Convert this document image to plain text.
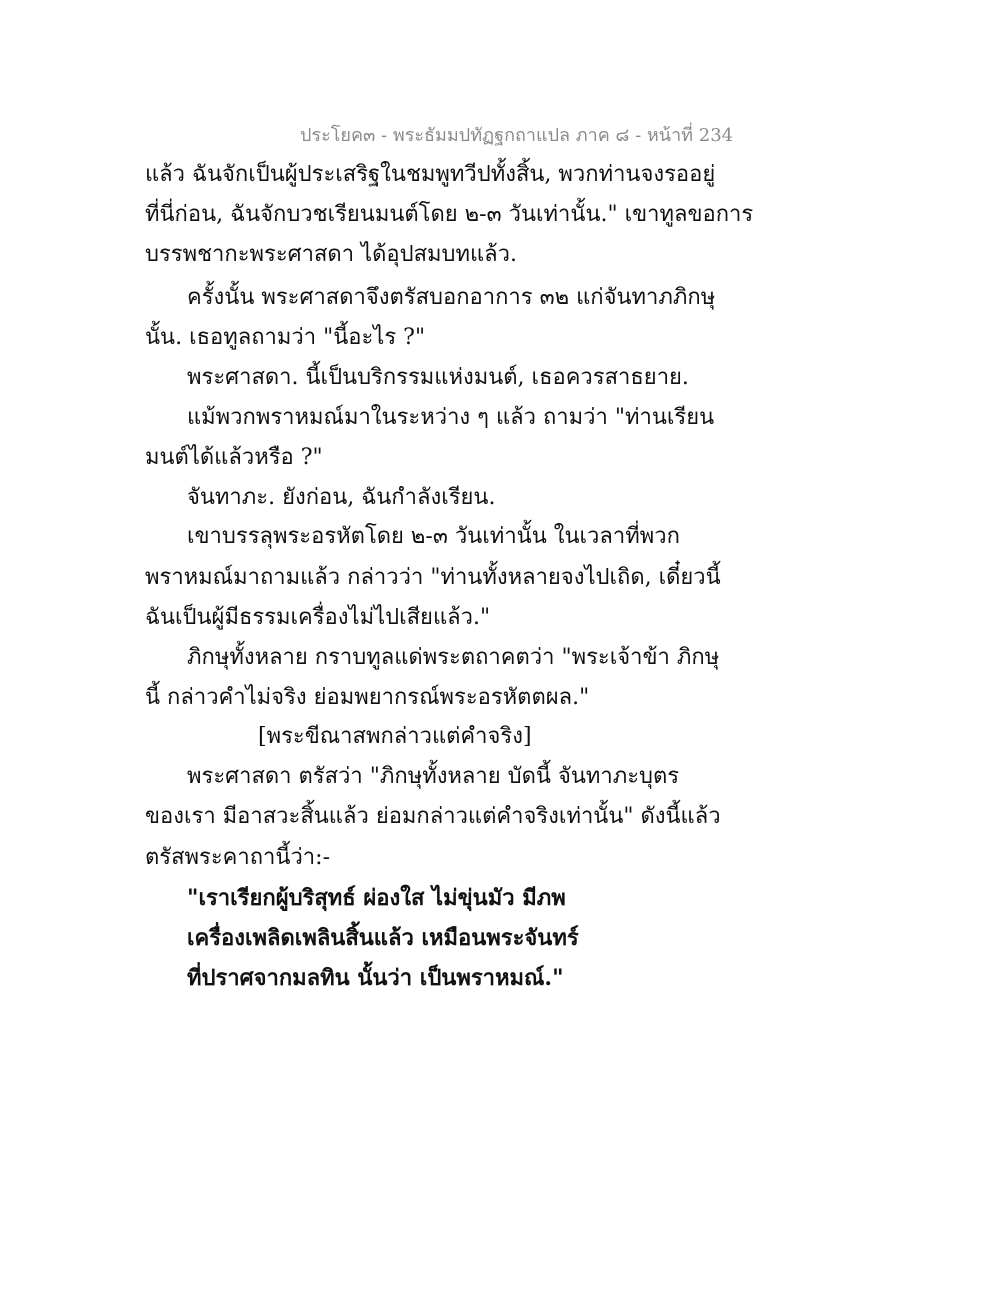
ประโยค๓ - พระธัมมปทัฏฐกถาแปล ภาค ๘ - หน้าที่ 234
แล้ว ฉันจักเป็นผู้ประเสริฐในชมพูทวีปทั้งสิ้น, พวกท่านจงรออยู่
ที่นี่ก่อน, ฉันจักบวชเรียนมนต์โดย ๒-๓ วันเท่านั้น." เขาทูลขอการ
บรรพชากะพระศาสดา ได้อุปสมบทแล้ว.
ครั้งนั้น พระศาสดาจึงตรัสบอกอาการ ๓๒ แก่จันทาภภิกษุ
นั้น. เธอทูลถามว่า "นี้อะไร ?"
พระศาสดา. นี้เป็นบริกรรมแห่งมนต์, เธอควรสาธยาย.
แม้พวกพราหมณ์มาในระหว่าง ๆ แล้ว ถามว่า "ท่านเรียน
มนต์ได้แล้วหรือ ?"
จันทาภะ. ยังก่อน, ฉันกำลังเรียน.
เขาบรรลุพระอรหัตโดย ๒-๓ วันเท่านั้น ในเวลาที่พวก
พราหมณ์มาถามแล้ว กล่าวว่า "ท่านทั้งหลายจงไปเถิด, เดี๋ยวนี้
ฉันเป็นผู้มีธรรมเครื่องไม่ไปเสียแล้ว."
ภิกษุทั้งหลาย กราบทูลแด่พระตถาคตว่า "พระเจ้าข้า ภิกษุ
นี้ กล่าวคำไม่จริง ย่อมพยากรณ์พระอรหัตตผล."
[พระขีณาสพกล่าวแต่คำจริง]
พระศาสดา ตรัสว่า "ภิกษุทั้งหลาย บัดนี้ จันทาภะบุตร
ของเรา มีอาสวะสิ้นแล้ว ย่อมกล่าวแต่คำจริงเท่านั้น" ดังนี้แล้ว
ตรัสพระคาถานี้ว่า:-
"เราเรียกผู้บริสุทธ์ ผ่องใส ไม่ขุ่นมัว มีภพ
เครื่องเพลิดเพลินสิ้นแล้ว เหมือนพระจันทร์
ที่ปราศจากมลทิน นั้นว่า เป็นพราหมณ์."
